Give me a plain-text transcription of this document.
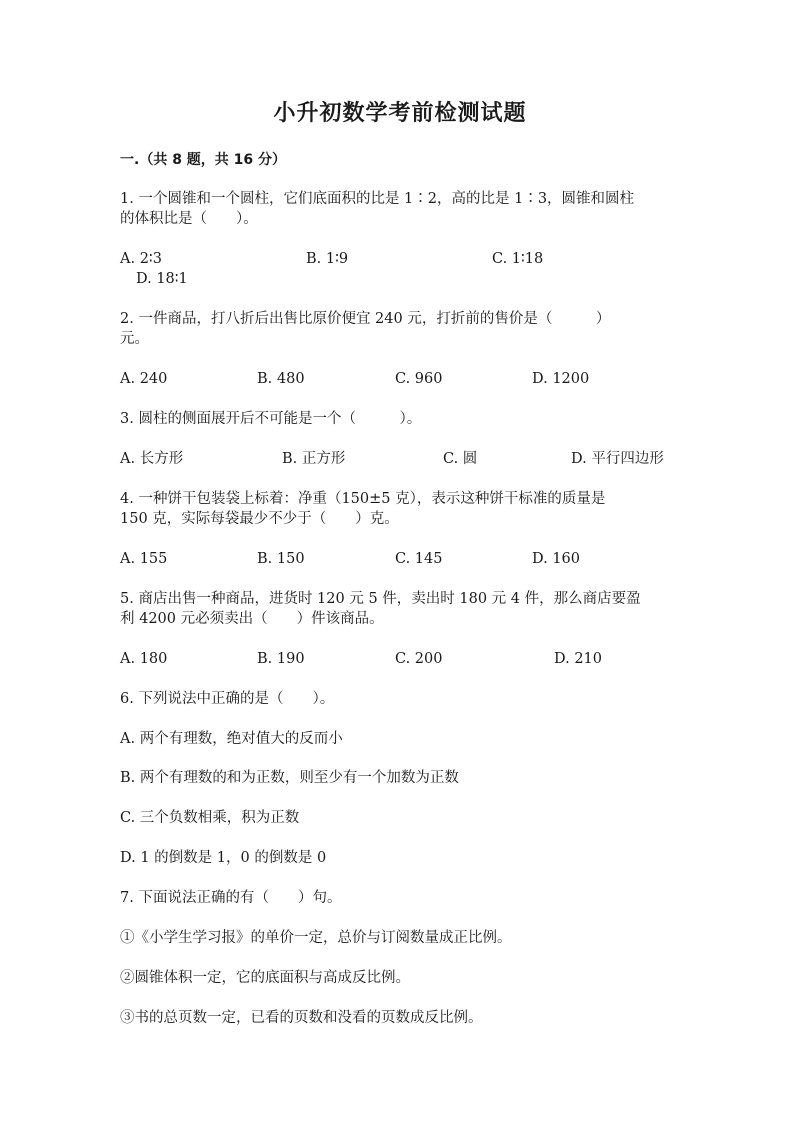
小升初数学考前检测试题
一.（共 8 题，共 16 分）
1. 一个圆锥和一个圆柱，它们底面积的比是 1∶2，高的比是 1∶3，圆锥和圆柱
的体积比是（　　）。
A. 2∶3	B. 1∶9	C. 1∶18
D. 18∶1
2. 一件商品，打八折后出售比原价便宜 240 元，打折前的售价是（　　　）
元。
A. 240	B. 480	C. 960	D. 1200
3. 圆柱的侧面展开后不可能是一个（　　　）。
A. 长方形	B. 正方形	C. 圆	D. 平行四边形
4. 一种饼干包装袋上标着：净重（150±5 克），表示这种饼干标准的质量是
150 克，实际每袋最少不少于（　　）克。
A. 155	B. 150	C. 145	D. 160
5. 商店出售一种商品，进货时 120 元 5 件，卖出时 180 元 4 件，那么商店要盈
利 4200 元必须卖出（　　）件该商品。
A. 180	B. 190	C. 200	D. 210
6. 下列说法中正确的是（　　）。
A. 两个有理数，绝对值大的反而小
B. 两个有理数的和为正数，则至少有一个加数为正数
C. 三个负数相乘，积为正数
D. 1 的倒数是 1，0 的倒数是 0
7. 下面说法正确的有（　　）句。
①《小学生学习报》的单价一定，总价与订阅数量成正比例。
②圆锥体积一定，它的底面积与高成反比例。
③书的总页数一定，已看的页数和没看的页数成反比例。
